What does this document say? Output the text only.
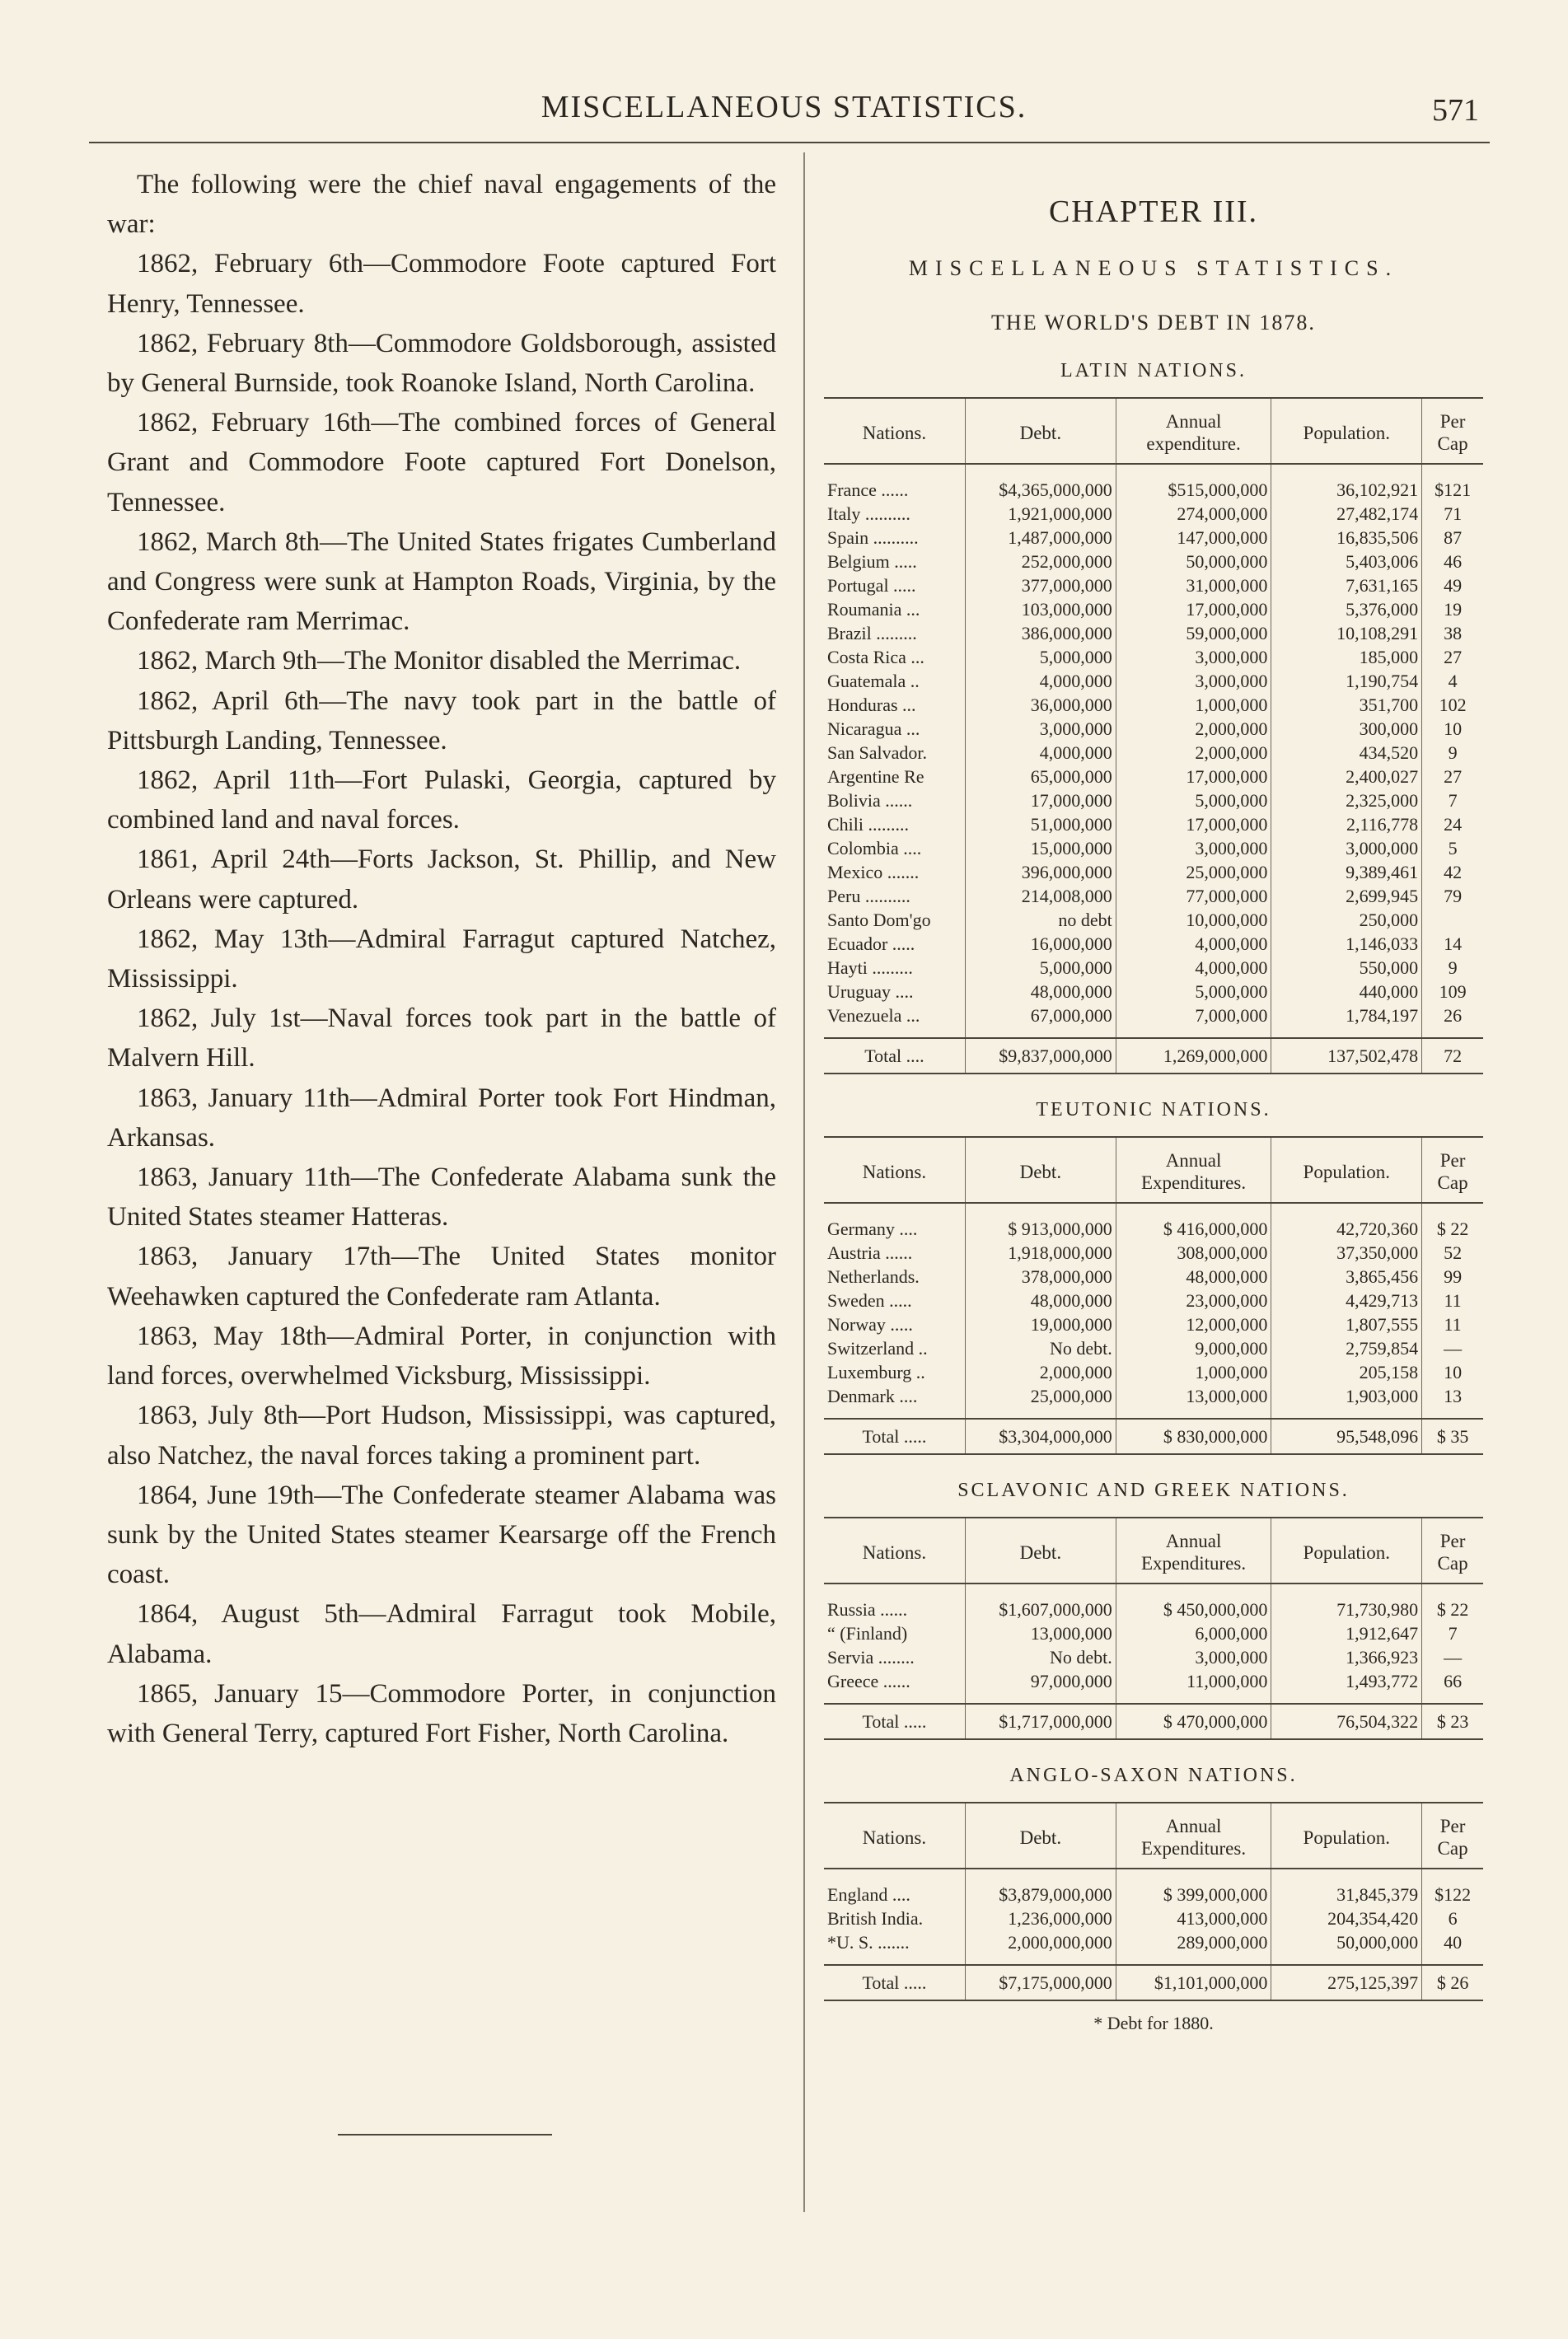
MISCELLANEOUS STATISTICS.	571

The following were the chief naval engagements of the war:

1862, February 6th—Commodore Foote captured Fort Henry, Tennessee.

1862, February 8th—Commodore Goldsborough, assisted by General Burnside, took Roanoke Island, North Carolina.

1862, February 16th—The combined forces of General Grant and Commodore Foote captured Fort Donelson, Tennessee.

1862, March 8th—The United States frigates Cumberland and Congress were sunk at Hampton Roads, Virginia, by the Confederate ram Merrimac.

1862, March 9th—The Monitor disabled the Merrimac.

1862, April 6th—The navy took part in the battle of Pittsburgh Landing, Tennessee.

1862, April 11th—Fort Pulaski, Georgia, captured by combined land and naval forces.

1861, April 24th—Forts Jackson, St. Phillip, and New Orleans were captured.

1862, May 13th—Admiral Farragut captured Natchez, Mississippi.

1862, July 1st—Naval forces took part in the battle of Malvern Hill.

1863, January 11th—Admiral Porter took Fort Hindman, Arkansas.

1863, January 11th—The Confederate Alabama sunk the United States steamer Hatteras.

1863, January 17th—The United States monitor Weehawken captured the Confederate ram Atlanta.

1863, May 18th—Admiral Porter, in conjunction with land forces, overwhelmed Vicksburg, Mississippi.

1863, July 8th—Port Hudson, Mississippi, was captured, also Natchez, the naval forces taking a prominent part.

1864, June 19th—The Confederate steamer Alabama was sunk by the United States steamer Kearsarge off the French coast.

1864, August 5th—Admiral Farragut took Mobile, Alabama.

1865, January 15—Commodore Porter, in conjunction with General Terry, captured Fort Fisher, North Carolina.

CHAPTER III.
MISCELLANEOUS STATISTICS.
THE WORLD'S DEBT IN 1878.
LATIN NATIONS.
Nations.	Debt.	Annual expenditure.	Population.	Per Cap
France ......	$4,365,000,000	$515,000,000	36,102,921	$121
Italy ..........	1,921,000,000	274,000,000	27,482,174	71
Spain ..........	1,487,000,000	147,000,000	16,835,506	87
Belgium .....	252,000,000	50,000,000	5,403,006	46
Portugal .....	377,000,000	31,000,000	7,631,165	49
Roumania ...	103,000,000	17,000,000	5,376,000	19
Brazil .........	386,000,000	59,000,000	10,108,291	38
Costa Rica ...	5,000,000	3,000,000	185,000	27
Guatemala ..	4,000,000	3,000,000	1,190,754	4
Honduras ...	36,000,000	1,000,000	351,700	102
Nicaragua ...	3,000,000	2,000,000	300,000	10
San Salvador.	4,000,000	2,000,000	434,520	9
Argentine Re	65,000,000	17,000,000	2,400,027	27
Bolivia ......	17,000,000	5,000,000	2,325,000	7
Chili .........	51,000,000	17,000,000	2,116,778	24
Colombia ....	15,000,000	3,000,000	3,000,000	5
Mexico .......	396,000,000	25,000,000	9,389,461	42
Peru ..........	214,008,000	77,000,000	2,699,945	79
Santo Dom'go	no debt	10,000,000	250,000	
Ecuador .....	16,000,000	4,000,000	1,146,033	14
Hayti .........	5,000,000	4,000,000	550,000	9
Uruguay ....	48,000,000	5,000,000	440,000	109
Venezuela ...	67,000,000	7,000,000	1,784,197	26
Total ....	$9,837,000,000	1,269,000,000	137,502,478	72
TEUTONIC NATIONS.
Nations.	Debt.	Annual Expenditures.	Population.	Per Cap
Germany ....	$ 913,000,000	$ 416,000,000	42,720,360	$ 22
Austria ......	1,918,000,000	308,000,000	37,350,000	52
Netherlands.	378,000,000	48,000,000	3,865,456	99
Sweden .....	48,000,000	23,000,000	4,429,713	11
Norway .....	19,000,000	12,000,000	1,807,555	11
Switzerland ..	No debt.	9,000,000	2,759,854	—
Luxemburg ..	2,000,000	1,000,000	205,158	10
Denmark ....	25,000,000	13,000,000	1,903,000	13
Total .....	$3,304,000,000	$ 830,000,000	95,548,096	$ 35
SCLAVONIC AND GREEK NATIONS.
Nations.	Debt.	Annual Expenditures.	Population.	Per Cap
Russia ......	$1,607,000,000	$ 450,000,000	71,730,980	$ 22
“ (Finland)	13,000,000	6,000,000	1,912,647	7
Servia ........	No debt.	3,000,000	1,366,923	—
Greece ......	97,000,000	11,000,000	1,493,772	66
Total .....	$1,717,000,000	$ 470,000,000	76,504,322	$ 23
ANGLO-SAXON NATIONS.
Nations.	Debt.	Annual Expenditures.	Population.	Per Cap
England ....	$3,879,000,000	$ 399,000,000	31,845,379	$122
British India.	1,236,000,000	413,000,000	204,354,420	6
*U. S. .......	2,000,000,000	289,000,000	50,000,000	40
Total .....	$7,175,000,000	$1,101,000,000	275,125,397	$ 26
* Debt for 1880.
